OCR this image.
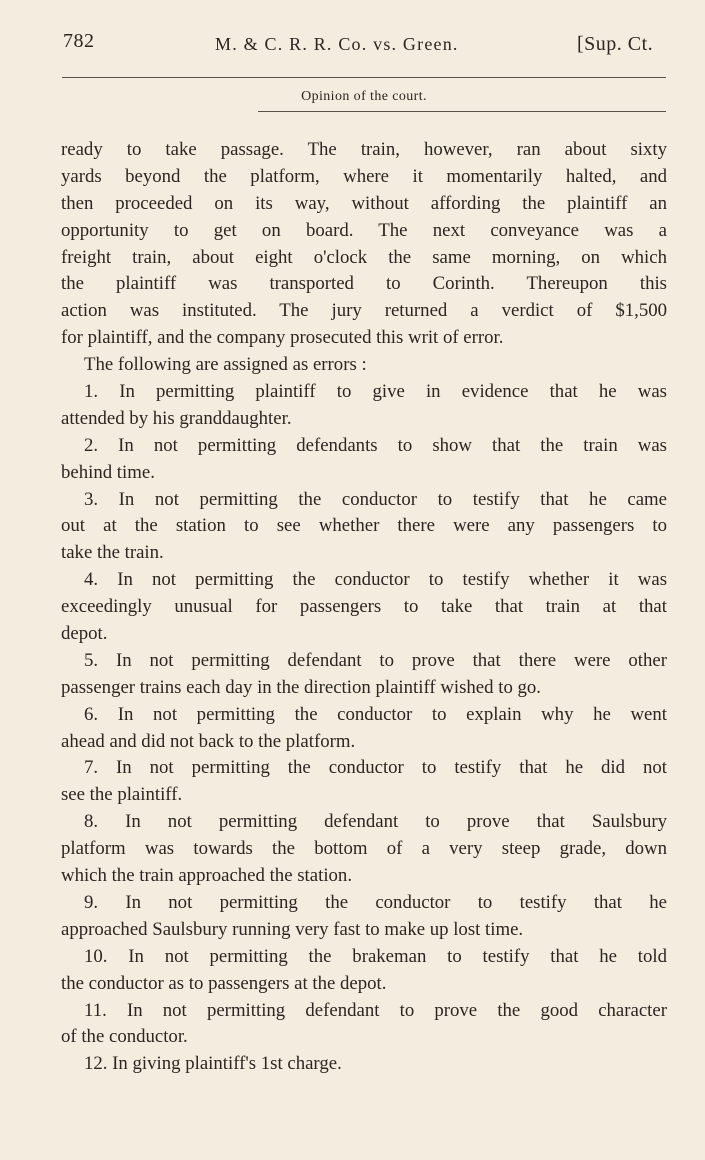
782	M. & C. R. R. Co. vs. Green.	[Sup. Ct.
Opinion of the court.
ready to take passage. The train, however, ran about sixty
yards beyond the platform, where it momentarily halted, and
then proceeded on its way, without affording the plaintiff an
opportunity to get on board. The next conveyance was a
freight train, about eight o'clock the same morning, on which
the plaintiff was transported to Corinth. Thereupon this
action was instituted. The jury returned a verdict of $1,500
for plaintiff, and the company prosecuted this writ of error.
The following are assigned as errors :
1. In permitting plaintiff to give in evidence that he was
attended by his granddaughter.
2. In not permitting defendants to show that the train was
behind time.
3. In not permitting the conductor to testify that he came
out at the station to see whether there were any passengers to
take the train.
4. In not permitting the conductor to testify whether it was
exceedingly unusual for passengers to take that train at that
depot.
5. In not permitting defendant to prove that there were other
passenger trains each day in the direction plaintiff wished to go.
6. In not permitting the conductor to explain why he went
ahead and did not back to the platform.
7. In not permitting the conductor to testify that he did not
see the plaintiff.
8. In not permitting defendant to prove that Saulsbury
platform was towards the bottom of a very steep grade, down
which the train approached the station.
9. In not permitting the conductor to testify that he
approached Saulsbury running very fast to make up lost time.
10. In not permitting the brakeman to testify that he told
the conductor as to passengers at the depot.
11. In not permitting defendant to prove the good character
of the conductor.
12. In giving plaintiff's 1st charge.
